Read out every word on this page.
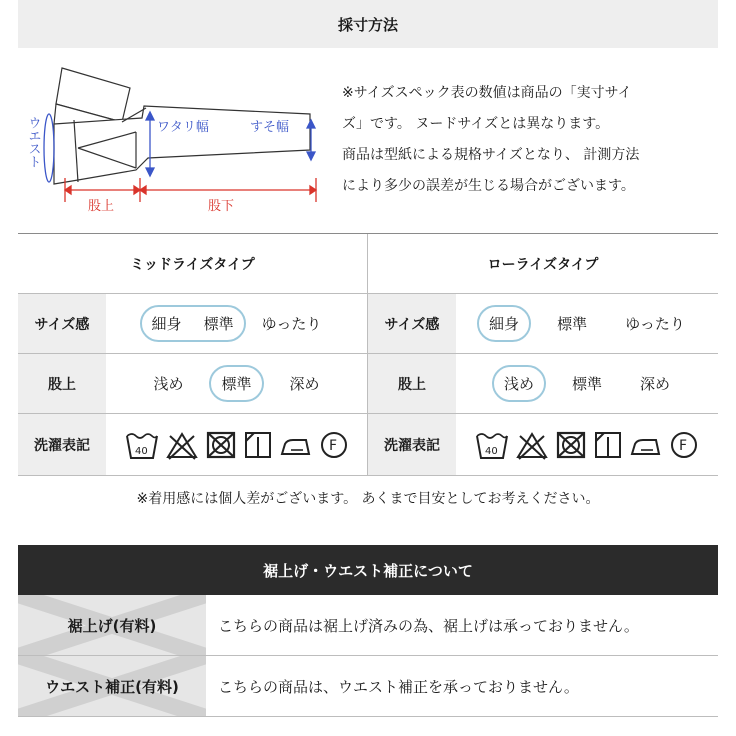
採寸方法
ウエスト	ワタリ幅	すそ幅
股上	股下

※サイズスペック表の数値は商品の「実寸サイ

ズ」です。 ヌードサイズとは異なります。

商品は型紙による規格サイズとなり、 計測方法

により多少の誤差が生じる場合がございます。

ミッドライズタイプ	ローライズタイプ
サイズ感	細身 標準 ゆったり	サイズ感	細身	標準	ゆったり
股上	浅め	標準	深め	股上	浅め	標準	深め
洗濯表記	40	F	洗濯表記	40	F
※着用感には個人差がございます。 あくまで目安としてお考えください。
裾上げ・ウエスト補正について
裾上げ(有料)	こちらの商品は裾上げ済みの為、裾上げは承っておりません。
ウエスト補正(有料)	こちらの商品は、ウエスト補正を承っておりません。
